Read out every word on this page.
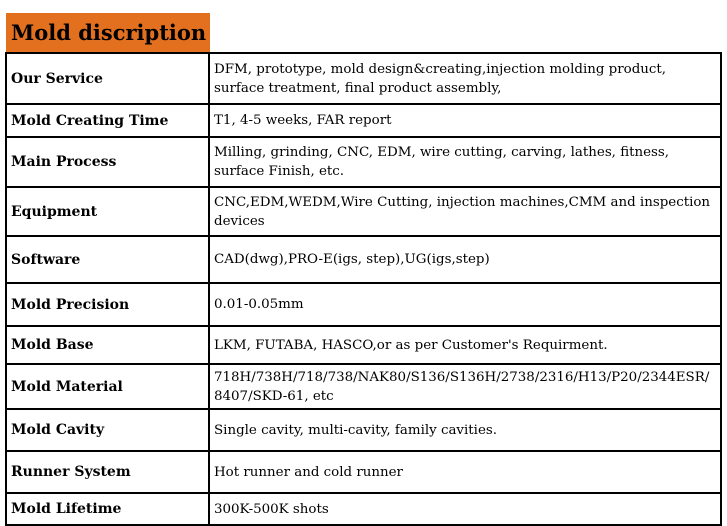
Mold discription
Our Service	DFM, prototype, mold design&creating,injection molding product, surface treatment, final product assembly,

Mold Creating Time	T1, 4-5 weeks, FAR report

Main Process	Milling, grinding, CNC, EDM, wire cutting, carving, lathes, fitness, surface Finish, etc.

Equipment	CNC,EDM,WEDM,Wire Cutting, injection machines,CMM and inspection devices

Software	CAD(dwg),PRO-E(igs, step),UG(igs,step)

Mold Precision	0.01-0.05mm

Mold Base	LKM, FUTABA, HASCO,or as per Customer's Requirment.

Mold Material	718H/738H/718/738/NAK80/S136/S136H/2738/2316/H13/P20/2344ESR/8407/SKD-61, etc

Mold Cavity	Single cavity, multi-cavity, family cavities.

Runner System	Hot runner and cold runner

Mold Lifetime	300K-500K shots
